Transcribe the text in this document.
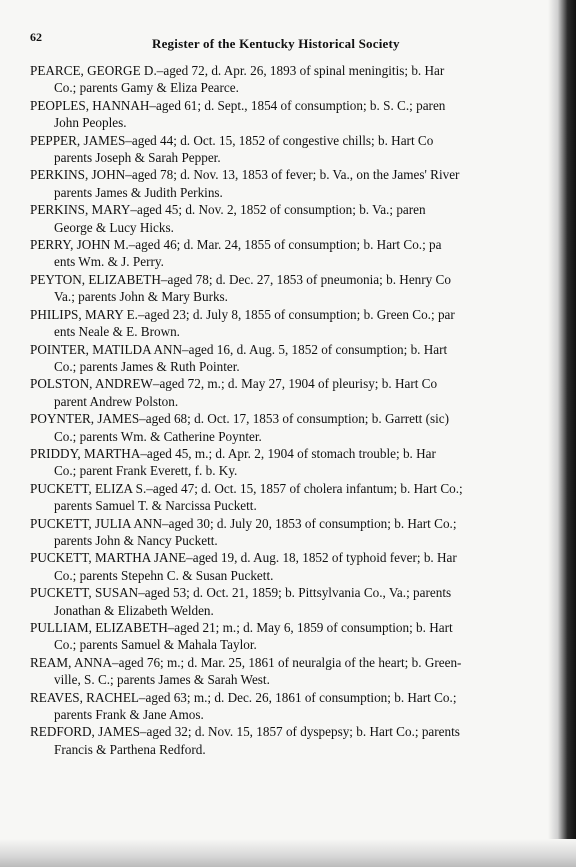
62	Register of the Kentucky Historical Society
PEARCE, GEORGE D.–aged 72, d. Apr. 26, 1893 of spinal meningitis; b. Har
Co.; parents Gamy & Eliza Pearce.
PEOPLES, HANNAH–aged 61; d. Sept., 1854 of consumption; b. S. C.; paren
John Peoples.
PEPPER, JAMES–aged 44; d. Oct. 15, 1852 of congestive chills; b. Hart Co
parents Joseph & Sarah Pepper.
PERKINS, JOHN–aged 78; d. Nov. 13, 1853 of fever; b. Va., on the James' River
parents James & Judith Perkins.
PERKINS, MARY–aged 45; d. Nov. 2, 1852 of consumption; b. Va.; paren
George & Lucy Hicks.
PERRY, JOHN M.–aged 46; d. Mar. 24, 1855 of consumption; b. Hart Co.; pa
ents Wm. & J. Perry.
PEYTON, ELIZABETH–aged 78; d. Dec. 27, 1853 of pneumonia; b. Henry Co
Va.; parents John & Mary Burks.
PHILIPS, MARY E.–aged 23; d. July 8, 1855 of consumption; b. Green Co.; par
ents Neale & E. Brown.
POINTER, MATILDA ANN–aged 16, d. Aug. 5, 1852 of consumption; b. Hart
Co.; parents James & Ruth Pointer.
POLSTON, ANDREW–aged 72, m.; d. May 27, 1904 of pleurisy; b. Hart Co
parent Andrew Polston.
POYNTER, JAMES–aged 68; d. Oct. 17, 1853 of consumption; b. Garrett (sic)
Co.; parents Wm. & Catherine Poynter.
PRIDDY, MARTHA–aged 45, m.; d. Apr. 2, 1904 of stomach trouble; b. Har
Co.; parent Frank Everett, f. b. Ky.
PUCKETT, ELIZA S.–aged 47; d. Oct. 15, 1857 of cholera infantum; b. Hart Co.;
parents Samuel T. & Narcissa Puckett.
PUCKETT, JULIA ANN–aged 30; d. July 20, 1853 of consumption; b. Hart Co.;
parents John & Nancy Puckett.
PUCKETT, MARTHA JANE–aged 19, d. Aug. 18, 1852 of typhoid fever; b. Har
Co.; parents Stepehn C. & Susan Puckett.
PUCKETT, SUSAN–aged 53; d. Oct. 21, 1859; b. Pittsylvania Co., Va.; parents
Jonathan & Elizabeth Welden.
PULLIAM, ELIZABETH–aged 21; m.; d. May 6, 1859 of consumption; b. Hart
Co.; parents Samuel & Mahala Taylor.
REAM, ANNA–aged 76; m.; d. Mar. 25, 1861 of neuralgia of the heart; b. Green-
ville, S. C.; parents James & Sarah West.
REAVES, RACHEL–aged 63; m.; d. Dec. 26, 1861 of consumption; b. Hart Co.;
parents Frank & Jane Amos.
REDFORD, JAMES–aged 32; d. Nov. 15, 1857 of dyspepsy; b. Hart Co.; parents
Francis & Parthena Redford.
